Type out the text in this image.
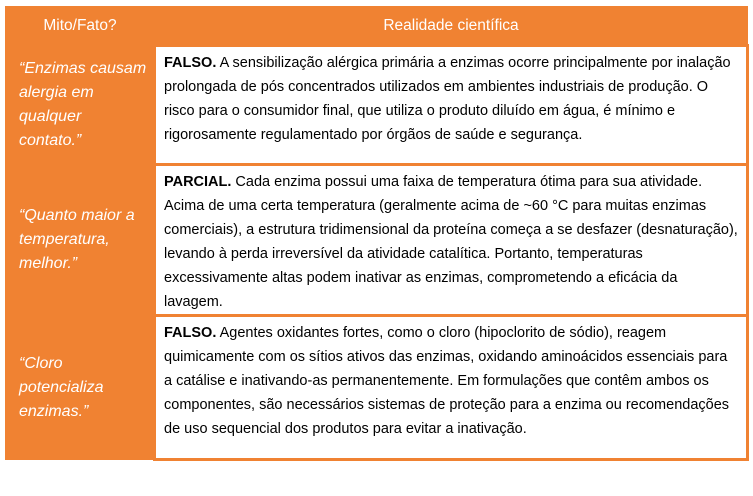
Mito/Fato?	Realidade científica
“Enzimas causam alergia em qualquer contato.”	FALSO. A sensibilização alérgica primária a enzimas ocorre principalmente por inalação prolongada de pós concentrados utilizados em ambientes industriais de produção. O risco para o consumidor final, que utiliza o produto diluído em água, é mínimo e rigorosamente regulamentado por órgãos de saúde e segurança.

“Quanto maior a temperatura, melhor.”	PARCIAL. Cada enzima possui uma faixa de temperatura ótima para sua atividade. Acima de uma certa temperatura (geralmente acima de ~60 °C para muitas enzimas comerciais), a estrutura tridimensional da proteína começa a se desfazer (desnaturação), levando à perda irreversível da atividade catalítica. Portanto, temperaturas excessivamente altas podem inativar as enzimas, comprometendo a eficácia da lavagem.

“Cloro potencializa enzimas.”	FALSO. Agentes oxidantes fortes, como o cloro (hipoclorito de sódio), reagem quimicamente com os sítios ativos das enzimas, oxidando aminoácidos essenciais para a catálise e inativando-as permanentemente. Em formulações que contêm ambos os componentes, são necessários sistemas de proteção para a enzima ou recomendações de uso sequencial dos produtos para evitar a inativação.
